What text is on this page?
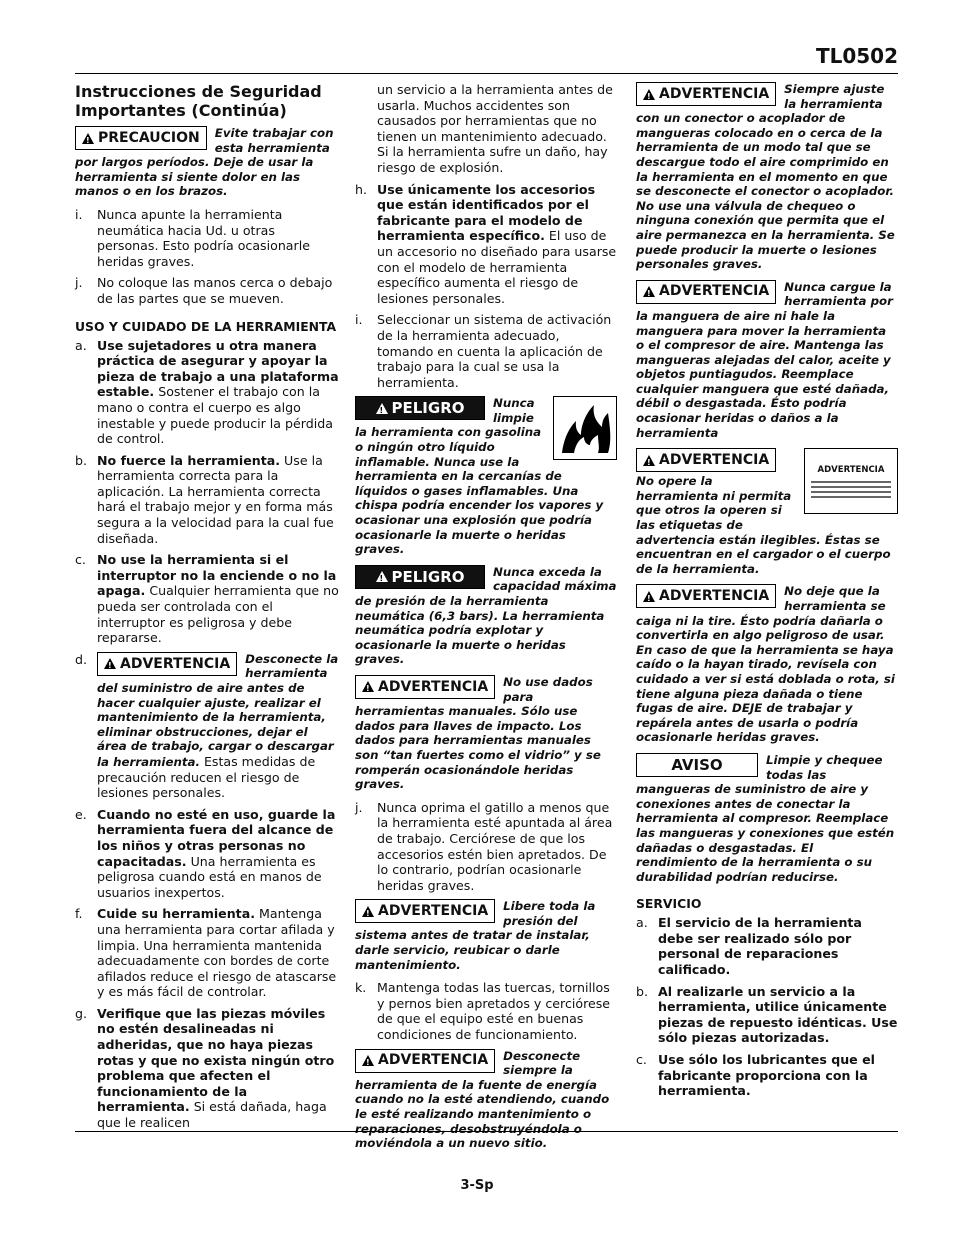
TL0502
Instrucciones de Seguridad Importantes (Continúa)
!
PRECAUCION Evite trabajar con esta herramienta por largos períodos. Deje de usar la herramienta si siente dolor en las manos o en los brazos.
i. Nunca apunte la herramienta neumática hacia Ud. u otras personas. Esto podría ocasionarle heridas graves.
j. No coloque las manos cerca o debajo de las partes que se mueven.
USO Y CUIDADO DE LA HERRAMIENTA
a. Use sujetadores u otra manera práctica de asegurar y apoyar la pieza de trabajo a una plataforma estable. Sostener el trabajo con la mano o contra el cuerpo es algo inestable y puede producir la pérdida de control.
b. No fuerce la herramienta. Use la herramienta correcta para la aplicación. La herramienta correcta hará el trabajo mejor y en forma más segura a la velocidad para la cual fue diseñada.
c. No use la herramienta si el interruptor no la enciende o no la apaga. Cualquier herramienta que no pueda ser controlada con el interruptor es peligrosa y debe repararse.
d.
! ADVERTENCIA Desconecte la herramienta del suministro de aire antes de hacer cualquier ajuste, realizar el mantenimiento de la herramienta, eliminar obstrucciones, dejar el área de trabajo, cargar o descargar la herramienta. Estas medidas de precaución reducen el riesgo de lesiones personales.
e. Cuando no esté en uso, guarde la herramienta fuera del alcance de los niños y otras personas no capacitadas. Una herramienta es peligrosa cuando está en manos de usuarios inexpertos.
f. Cuide su herramienta. Mantenga una herramienta para cortar afilada y limpia. Una herramienta mantenida adecuadamente con bordes de corte afilados reduce el riesgo de atascarse y es más fácil de controlar.
g. Verifique que las piezas móviles no estén desalineadas ni adheridas, que no haya piezas rotas y que no exista ningún otro problema que afecten el funcionamiento de la herramienta. Si está dañada, haga que le realicen

un servicio a la herramienta antes de usarla. Muchos accidentes son causados por herramientas que no tienen un mantenimiento adecuado. Si la herramienta sufre un daño, hay riesgo de explosión.

h. Use únicamente los accesorios que están identificados por el fabricante para el modelo de herramienta específico. El uso de un accesorio no diseñado para usarse con el modelo de herramienta específico aumenta el riesgo de lesiones personales.
i. Seleccionar un sistema de activación de la herramienta adecuado, tomando en cuenta la aplicación de trabajo para la cual se usa la herramienta.
!
PELIGRO Nunca limpie la herramienta con gasolina o ningún otro líquido inflamable. Nunca use la herramienta en la cercanías de líquidos o gases inflamables. Una chispa podría encender los vapores y ocasionar una explosión que podría ocasionarle la muerte o heridas graves.
!
PELIGRO Nunca exceda la capacidad máxima de presión de la herramienta neumática (6,3 bars). La herramienta neumática podría explotar y ocasionarle la muerte o heridas graves.
!
ADVERTENCIA No use dados para herramientas manuales. Sólo use dados para llaves de impacto. Los dados para herramientas manuales son “tan fuertes como el vidrio” y se romperán ocasionándole heridas graves.
j. Nunca oprima el gatillo a menos que la herramienta esté apuntada al área de trabajo. Cerciórese de que los accesorios estén bien apretados. De lo contrario, podrían ocasionarle heridas graves.
!
ADVERTENCIA Libere toda la presión del sistema antes de tratar de instalar, darle servicio, reubicar o darle mantenimiento.
k. Mantenga todas las tuercas, tornillos y pernos bien apretados y cerciórese de que el equipo esté en buenas condiciones de funcionamiento.
!
ADVERTENCIA Desconecte siempre la herramienta de la fuente de energía cuando no la esté atendiendo, cuando le esté realizando mantenimiento o reparaciones, desobstruyéndola o moviéndola a un nuevo sitio.
!
ADVERTENCIA Siempre ajuste la herramienta con un conector o acoplador de mangueras colocado en o cerca de la herramienta de un modo tal que se descargue todo el aire comprimido en la herramienta en el momento en que se desconecte el conector o acoplador. No use una válvula de chequeo o ninguna conexión que permita que el aire permanezca en la herramienta. Se puede producir la muerte o lesiones personales graves.
!
ADVERTENCIA Nunca cargue la herramienta por la manguera de aire ni hale la manguera para mover la herramienta o el compresor de aire. Mantenga las mangueras alejadas del calor, aceite y objetos puntiagudos. Reemplace cualquier manguera que esté dañada, débil o desgastada. Ésto podría ocasionar heridas o daños a la herramienta
ADVERTENCIA
!
ADVERTENCIA
No opere la herramienta ni permita que otros la operen si las etiquetas de advertencia están ilegibles. Éstas se encuentran en el cargador o el cuerpo de la herramienta.
!
ADVERTENCIA No deje que la herramienta se caiga ni la tire. Ésto podría dañarla o convertirla en algo peligroso de usar. En caso de que la herramienta se haya caído o la hayan tirado, revísela con cuidado a ver si está doblada o rota, si tiene alguna pieza dañada o tiene fugas de aire. DEJE de trabajar y repárela antes de usarla o podría ocasionarle heridas graves.
AVISO	Limpie y chequee todas las mangueras de suministro de aire y conexiones antes de conectar la herramienta al compresor. Reemplace las mangueras y conexiones que estén dañadas o desgastadas. El rendimiento de la herramienta o su durabilidad podrían reducirse.
SERVICIO
a. El servicio de la herramienta debe ser realizado sólo por personal de reparaciones calificado.
b. Al realizarle un servicio a la herramienta, utilice únicamente piezas de repuesto idénticas. Use sólo piezas autorizadas.
c. Use sólo los lubricantes que el fabricante proporciona con la herramienta.
3-Sp
